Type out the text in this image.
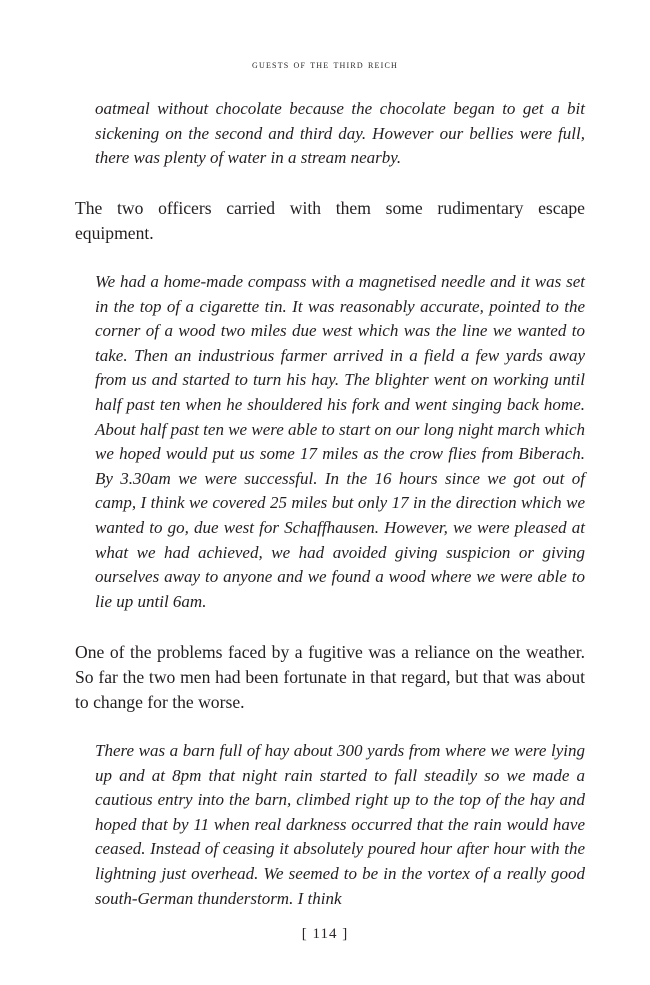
guests of the third reich

oatmeal without chocolate because the chocolate began to get a bit sickening on the second and third day. However our bellies were full, there was plenty of water in a stream nearby.

The two officers carried with them some rudimentary escape equipment.

We had a home-made compass with a magnetised needle and it was set in the top of a cigarette tin. It was reasonably accurate, pointed to the corner of a wood two miles due west which was the line we wanted to take. Then an industrious farmer arrived in a field a few yards away from us and started to turn his hay. The blighter went on working until half past ten when he shouldered his fork and went singing back home. About half past ten we were able to start on our long night march which we hoped would put us some 17 miles as the crow flies from Biberach. By 3.30am we were successful. In the 16 hours since we got out of camp, I think we covered 25 miles but only 17 in the direction which we wanted to go, due west for Schaffhausen. However, we were pleased at what we had achieved, we had avoided giving suspicion or giving ourselves away to anyone and we found a wood where we were able to lie up until 6am.

One of the problems faced by a fugitive was a reliance on the weather. So far the two men had been fortunate in that regard, but that was about to change for the worse.

There was a barn full of hay about 300 yards from where we were lying up and at 8pm that night rain started to fall steadily so we made a cautious entry into the barn, climbed right up to the top of the hay and hoped that by 11 when real darkness occurred that the rain would have ceased. Instead of ceasing it absolutely poured hour after hour with the lightning just overhead. We seemed to be in the vortex of a really good south-German thunderstorm. I think

[ 114 ]
